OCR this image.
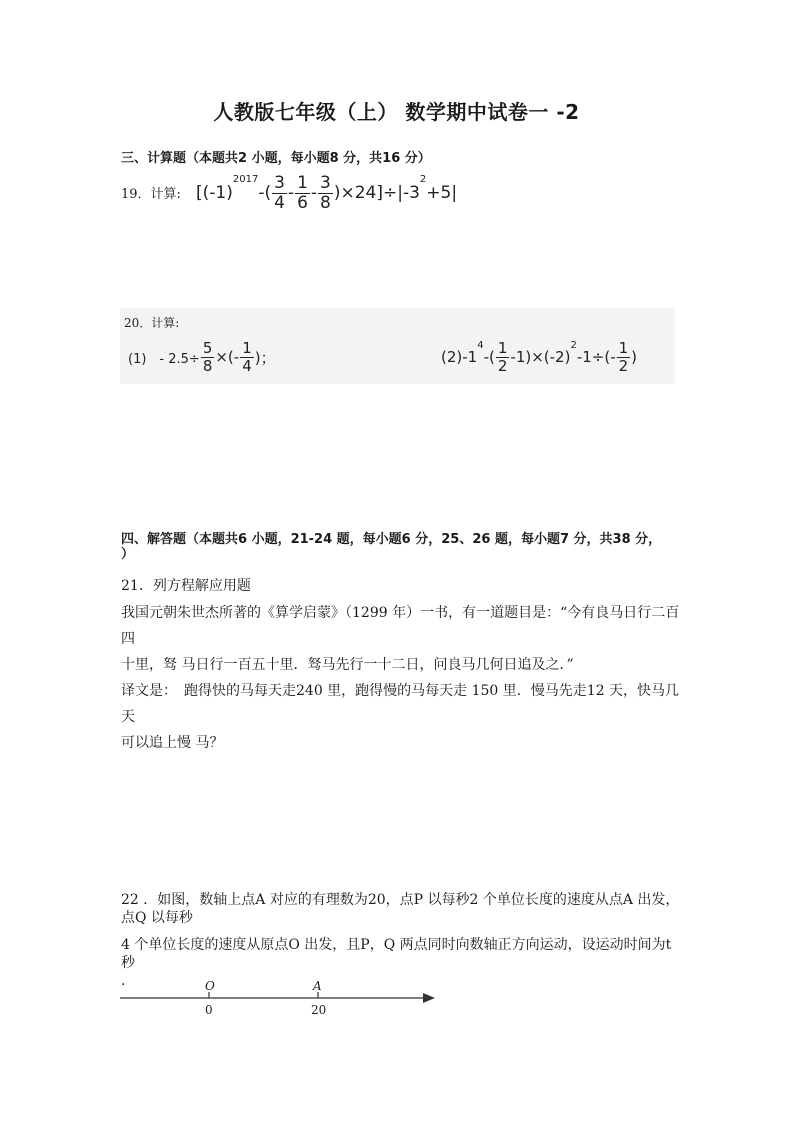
人教版七年级（上） 数学期中试卷一 -2
三、计算题（本题共2 小题，每小题8 分，共16 分）
19．计算: [(-1)
$^{2017}$
-( $\frac{3}{4} - \frac{1}{6} - \frac{3}{8} )\times 24]\div|-3$
$^2$
+5|
20．计算:
(1)　- $2.5\div \frac{5}{8}$ ×(- $\frac{1}{4}$ )；	(2)-1
$^4$
-( $\frac{1}{2} -1)\times(-2)$
$^2$
$-1\div(- \frac{1}{2}$ )
四、解答题（本题共6 小题，21-24 题，每小题6 分，25、26 题，每小题7 分，共38 分，
）
21．列方程解应用题
我国元朝朱世杰所著的《算学启蒙》（1299 年）一书，有一道题目是：“今有良马日行二百四
十里，驽 马日行一百五十里．驽马先行一十二日，问良马几何日追及之．”
译文是：　跑得快的马每天走240 里，跑得慢的马每天走 150 里．慢马先走12 天，快马几天
可以追上慢 马？
22 ．如图，数轴上点A 对应的有理数为20，点P 以每秒2 个单位长度的速度从点A 出发，
点Q 以每秒
4 个单位长度的速度从原点O 出发，且P，Q 两点同时向数轴正方向运动，设运动时间为t 秒
.	O	A
0	20
